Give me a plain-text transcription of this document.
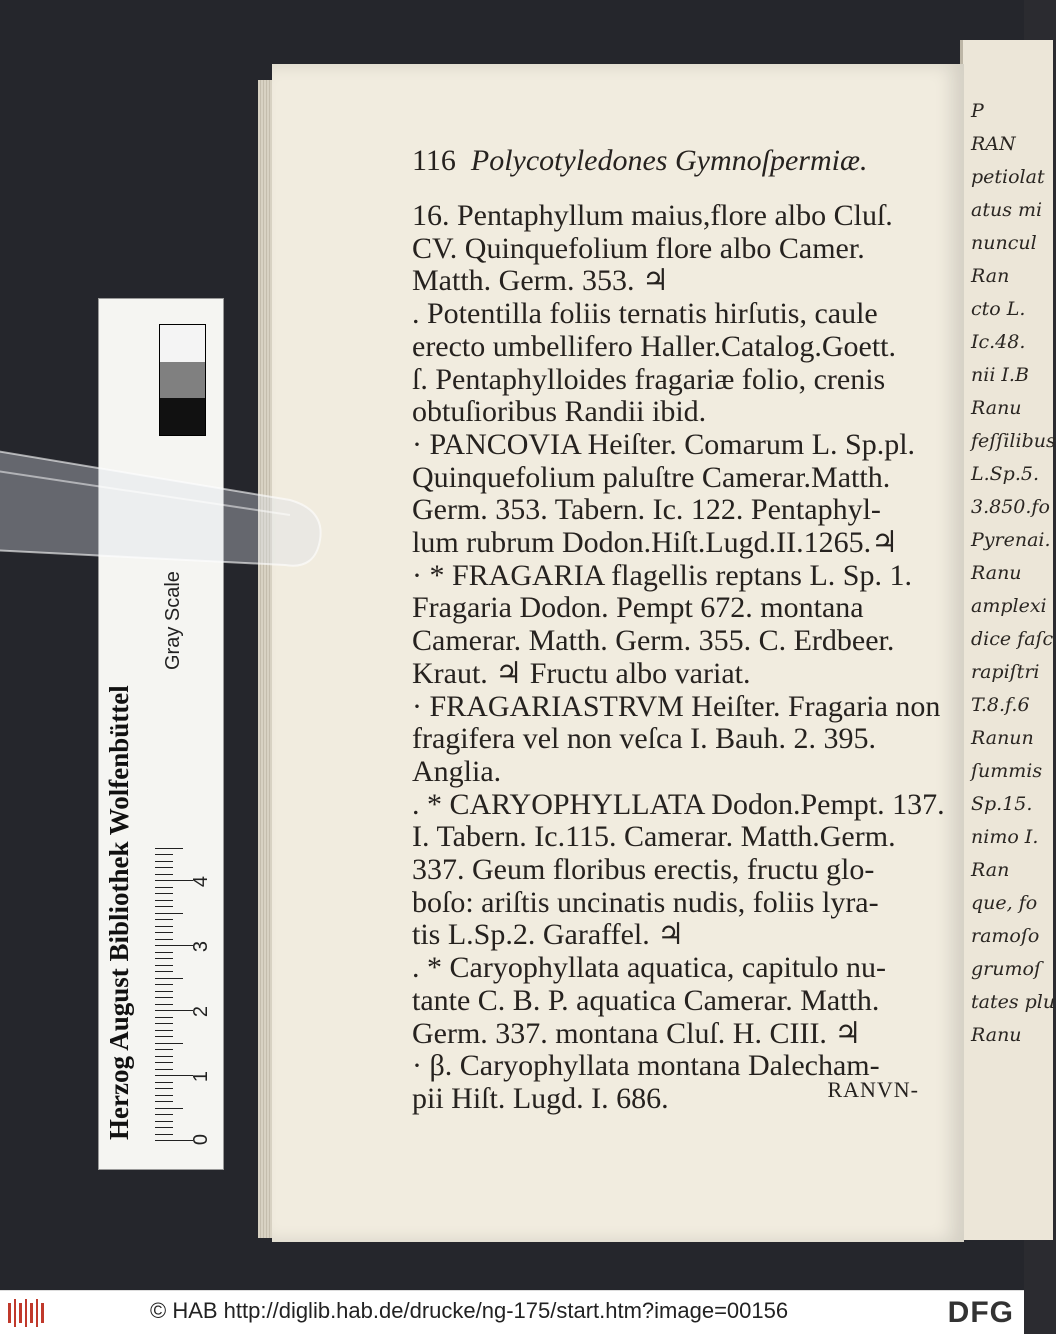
P
RAN
petiolat
atus mi
nuncul
Ran
cto L.
Ic.48.
nii I.B
Ranu
feſſilibus
L.Sp.5.
3.850.fo
Pyrenai.
Ranu
amplexi
dice faſc
rapiſtri
T.8.f.6
Ranun
ſummis
Sp.15.
nimo I.
Ran
que, fo
ramoſo
grumoſ
tates plu
Ranu
116 Polycotyledones Gymnoſpermiæ.
16. Pentaphyllum maius,flore albo Cluſ.
CV. Quinquefolium flore albo Camer.
Matth. Germ. 353. ♃
. Potentilla foliis ternatis hirſutis, caule
erecto umbellifero Haller.Catalog.Goett.
ſ. Pentaphylloides fragariæ folio, crenis
obtuſioribus Randii ibid.
· PANCOVIA Heiſter. Comarum L. Sp.pl.
Quinquefolium paluſtre Camerar.Matth.
Germ. 353. Tabern. Ic. 122. Pentaphyl-
lum rubrum Dodon.Hiſt.Lugd.II.1265.♃
· * FRAGARIA flagellis reptans L. Sp. 1.
Fragaria Dodon. Pempt 672. montana
Camerar. Matth. Germ. 355. C. Erdbeer.
Kraut. ♃ Fructu albo variat.
· FRAGARIASTRVM Heiſter. Fragaria non
fragifera vel non veſca I. Bauh. 2. 395.
Anglia.
. * CARYOPHYLLATA Dodon.Pempt. 137.
I. Tabern. Ic.115. Camerar. Matth.Germ.
337. Geum floribus erectis, fructu glo-
boſo: ariſtis uncinatis nudis, foliis lyra-
tis L.Sp.2. Garaffel. ♃
. * Caryophyllata aquatica, capitulo nu-
tante C. B. P. aquatica Camerar. Matth.
Germ. 337. montana Cluſ. H. CIII. ♃
· β. Caryophyllata montana Dalecham-
pii Hiſt. Lugd. I. 686.	RANVN-
Herzog August Bibliothek Wolfenbüttel
Gray Scale
0
1
2
3
4
© HAB http://diglib.hab.de/drucke/ng-175/start.htm?image=00156	DFG
